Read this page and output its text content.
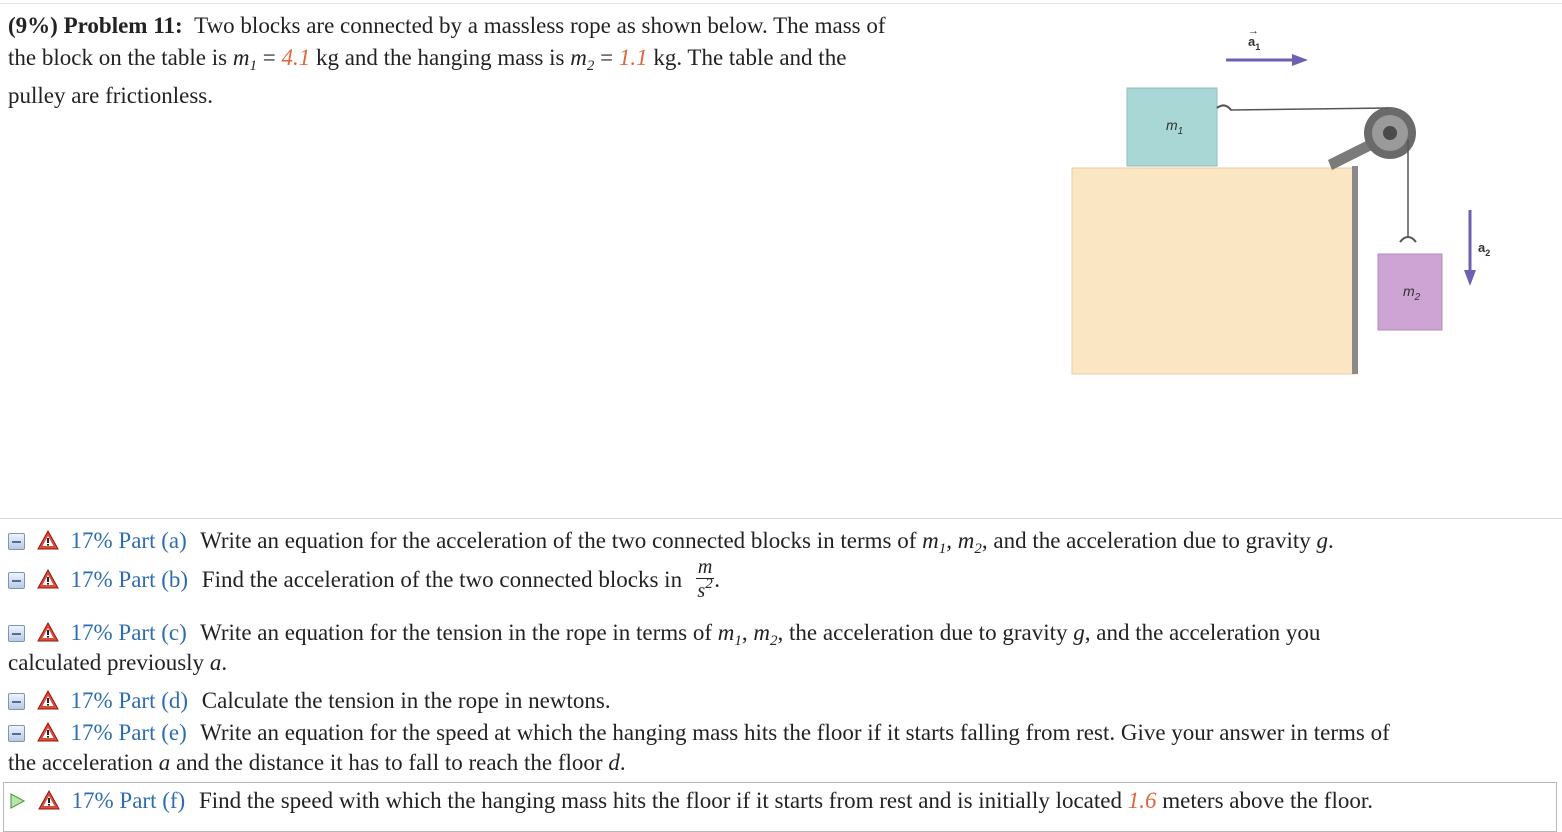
(9%) Problem 11: Two blocks are connected by a massless rope as shown below. The mass of
the block on the table is $m_1 = 4.1$ kg and the hanging mass is $m_2 = 1.1$ kg. The table and the
pulley are frictionless.
$a_1$
→
$m_1$
$m_2$
$a_2$
17% Part (a) Write an equation for the acceleration of the two connected blocks in terms of $m_1$, $m_2$, and the acceleration due to gravity g.
17% Part (b) Find the acceleration of the two connected blocks in $\frac{m}{s^2}$ .
17% Part (c) Write an equation for the tension in the rope in terms of $m_1$, $m_2$, the acceleration due to gravity g, and the acceleration you
calculated previously a.
17% Part (d) Calculate the tension in the rope in newtons.
17% Part (e) Write an equation for the speed at which the hanging mass hits the floor if it starts falling from rest. Give your answer in terms of
the acceleration a and the distance it has to fall to reach the floor d.
17% Part (f) Find the speed with which the hanging mass hits the floor if it starts from rest and is initially located 1.6 meters above the floor.
